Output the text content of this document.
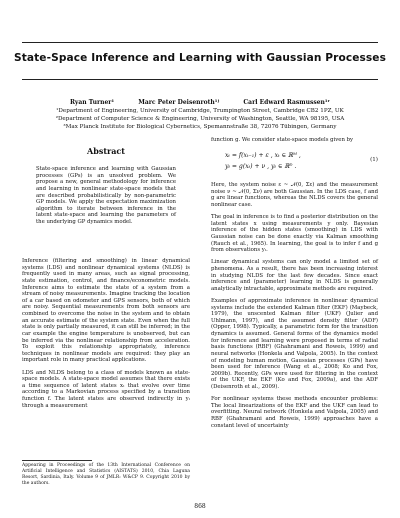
State-Space Inference and Learning with Gaussian Processes
Ryan Turner¹	Marc Peter Deisenroth¹ʲ	Carl Edward Rasmussen¹ʳ
¹Department of Engineering, University of Cambridge, Trumpington Street, Cambridge CB2 1PZ, UK
²Department of Computer Science & Engineering, University of Washington, Seattle, WA 98195, USA
³Max Planck Institute for Biological Cybernetics, Spemannstraße 38, 72076 Tübingen, Germany
Abstract
State-space inference and learning with Gaussian processes (GPs) is an unsolved problem. We propose a new, general methodology for inference and learning in nonlinear state-space models that are described probabilistically by non-parametric GP models. We apply the expectation maximization algorithm to iterate between inference in the latent state-space and learning the parameters of the underlying GP dynamics model.

Inference (filtering and smoothing) in linear dynamical systems (LDS) and nonlinear dynamical systems (NLDS) is frequently used in many areas, such as signal processing, state estimation, control, and finance/econometric models. Inference aims to estimate the state of a system from a stream of noisy measurements. Imagine tracking the location of a car based on odometer and GPS sensors, both of which are noisy. Sequential measurements from both sensors are combined to overcome the noise in the system and to obtain an accurate estimate of the system state. Even when the full state is only partially measured, it can still be inferred; in the car example the engine temperature is unobserved, but can be inferred via the nonlinear relationship from acceleration. To exploit this relationship appropriately, inference techniques in nonlinear models are required: they play an important role in many practical applications.

LDS and NLDS belong to a class of models known as state-space models. A state-space model assumes that there exists a time sequence of latent states xₜ that evolve over time according to a Markovian process specified by a transition function f. The latent states are observed indirectly in yₜ through a measurement

Appearing in Proceedings of the 13th International Conference on Artificial Intelligence and Statistics (AISTATS) 2010, Chia Laguna Resort, Sardinia, Italy. Volume 9 of JMLR: W&CP 9. Copyright 2010 by the authors.
function g. We consider state-space models given by
xₜ = f(xₜ₋₁) + ε , xₜ ∈ ℝᴹ ,
yₜ = g(xₜ) + ν , yₜ ∈ ℝᴰ .
(1)

Here, the system noise ε ~ 𝒩(0, Σε) and the measurement noise ν ~ 𝒩(0, Σν) are both Gaussian. In the LDS case, f and g are linear functions, whereas the NLDS covers the general nonlinear case.

The goal in inference is to find a posterior distribution on the latent states x using measurements y only. Bayesian inference of the hidden states (smoothing) in LDS with Gaussian noise can be done exactly via Kalman smoothing (Rauch et al., 1965). In learning, the goal is to infer f and g from observations yₜ.

Linear dynamical systems can only model a limited set of phenomena. As a result, there has been increasing interest in studying NLDS for the last few decades. Since exact inference and (parameter) learning in NLDS is generally analytically intractable, approximate methods are required.

Examples of approximate inference in nonlinear dynamical systems include the extended Kalman filter (EKF) (Maybeck, 1979), the unscented Kalman filter (UKF) (Julier and Uhlmann, 1997), and the assumed density filter (ADF) (Opper, 1998). Typically, a parametric form for the transition dynamics is assumed. General forms of the dynamics model for inference and learning were proposed in terms of radial basis functions (RBF) (Ghahramani and Roweis, 1999) and neural networks (Honkela and Valpola, 2005). In the context of modeling human motion, Gaussian processes (GPs) have been used for inference (Wang et al., 2008; Ko and Fox, 2009b). Recently, GPs were used for filtering in the context of the UKF, the EKF (Ko and Fox, 2009a), and the ADF (Deisenroth et al., 2009).

For nonlinear systems these methods encounter problems: The local linearizations of the EKF and the UKF can lead to overfitting. Neural network (Honkela and Valpola, 2005) and RBF (Ghahramani and Roweis, 1999) approaches have a constant level of uncertainty

868
